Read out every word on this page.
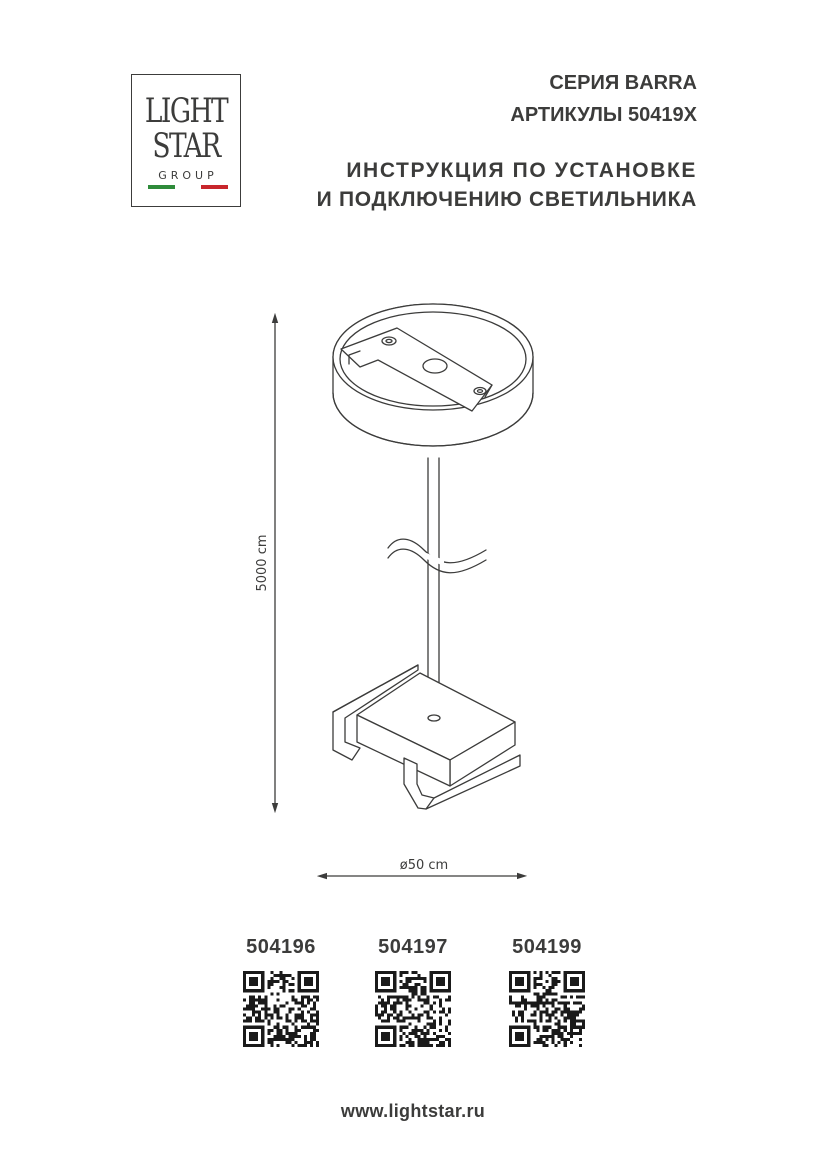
LIGHT
STAR
GROUP
СЕРИЯ BARRA
АРТИКУЛЫ 50419X
ИНСТРУКЦИЯ ПО УСТАНОВКЕ
И ПОДКЛЮЧЕНИЮ СВЕТИЛЬНИКА
5000 cm
ø50 cm
504196	504197	504199
www.lightstar.ru
